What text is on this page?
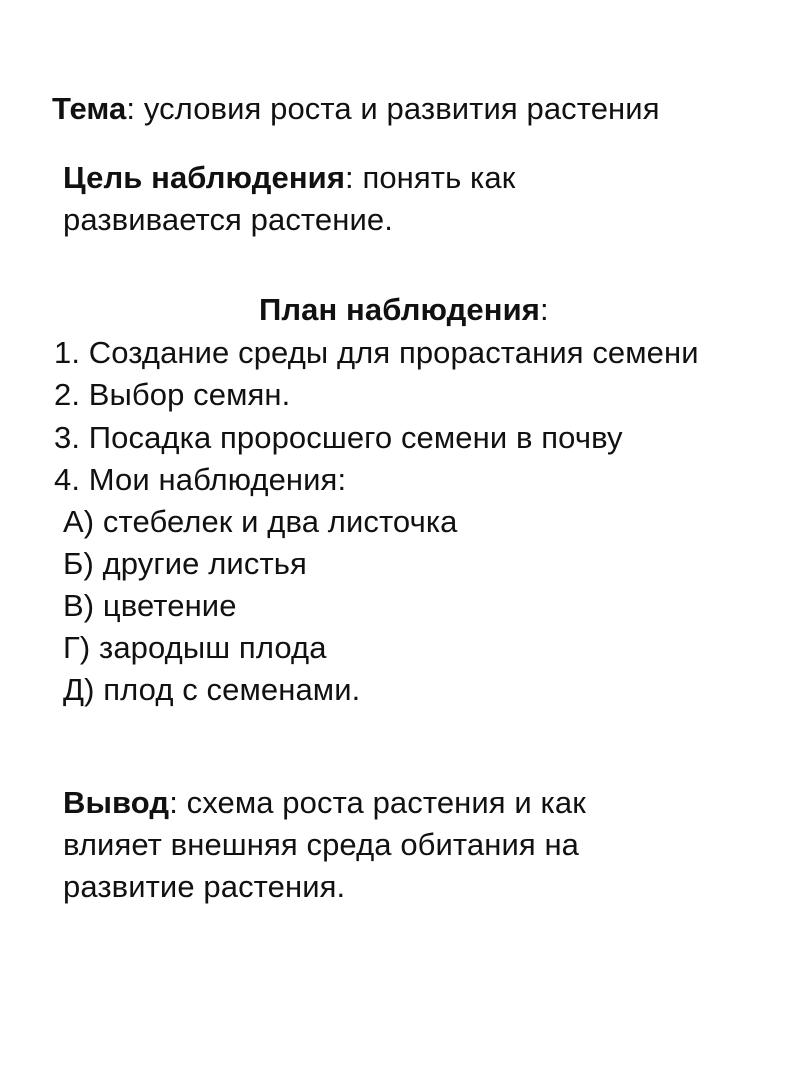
Тема: условия роста и развития растения
Цель наблюдения: понять как
развивается растение.
План наблюдения:
1. Создание среды для прорастания семени
2. Выбор семян.
3. Посадка проросшего семени в почву
4. Мои наблюдения:
А) стебелек и два листочка
Б) другие листья
В) цветение
Г) зародыш плода
Д) плод с семенами.
Вывод: схема роста растения и как
влияет внешняя среда обитания на
развитие растения.
